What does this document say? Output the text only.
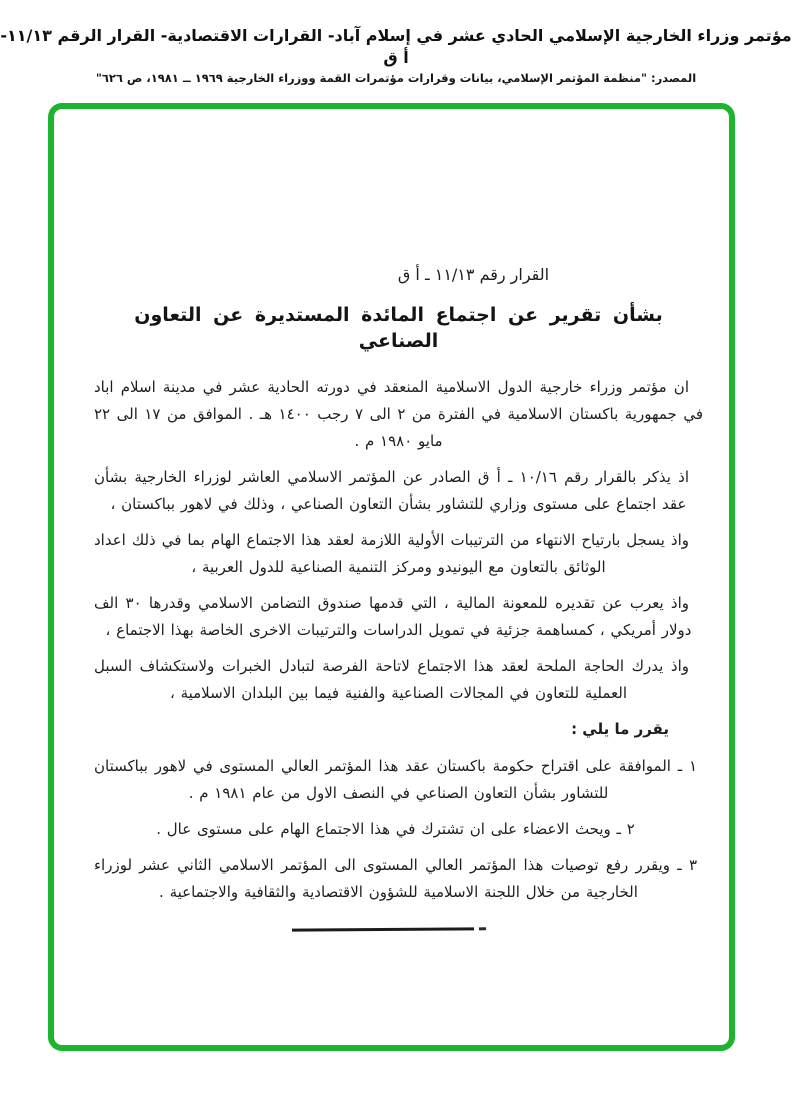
مؤتمر وزراء الخارجية الإسلامي الحادي عشر في إسلام آباد- القرارات الاقتصادية- القرار الرقم ١١/١٣- أ ق
المصدر: "منظمة المؤتمر الإسلامي، بيانات وقرارات مؤتمرات القمة ووزراء الخارجية ١٩٦٩ ــ ١٩٨١، ص ٦٢٦"
القرار رقم ١١/١٣ ـ أ ق
بشأن تقرير عن اجتماع المائدة المستديرة عن التعاون الصناعي

ان مؤتمر وزراء خارجية الدول الاسلامية المنعقد في دورته الحادية عشر في مدينة اسلام اباد في جمهورية باكستان الاسلامية في الفترة من ٢ الى ٧ رجب ١٤٠٠ هـ . الموافق من ١٧ الى ٢٢ مايو ١٩٨٠ م .

اذ يذكر بالقرار رقم ١٠/١٦ ـ أ ق الصادر عن المؤتمر الاسلامي العاشر لوزراء الخارجية بشأن عقد اجتماع على مستوى وزاري للتشاور بشأن التعاون الصناعي ، وذلك في لاهور بباكستان ،

واذ يسجل بارتياح الانتهاء من الترتيبات الأولية اللازمة لعقد هذا الاجتماع الهام بما في ذلك اعداد الوثائق بالتعاون مع اليونيدو ومركز التنمية الصناعية للدول العربية ،

واذ يعرب عن تقديره للمعونة المالية ، التي قدمها صندوق التضامن الاسلامي وقدرها ٣٠ الف دولار أمريكي ، كمساهمة جزئية في تمويل الدراسات والترتيبات الاخرى الخاصة بهذا الاجتماع ،

واذ يدرك الحاجة الملحة لعقد هذا الاجتماع لاتاحة الفرصة لتبادل الخبرات ولاستكشاف السبل العملية للتعاون في المجالات الصناعية والفنية فيما بين البلدان الاسلامية ،

يقرر ما يلي :

١ ـ الموافقة على اقتراح حكومة باكستان عقد هذا المؤتمر العالي المستوى في لاهور بباكستان للتشاور بشأن التعاون الصناعي في النصف الاول من عام ١٩٨١ م .

٢ ـ ويحث الاعضاء على ان تشترك في هذا الاجتماع الهام على مستوى عال .

٣ ـ ويقرر رفع توصيات هذا المؤتمر العالي المستوى الى المؤتمر الاسلامي الثاني عشر لوزراء الخارجية من خلال اللجنة الاسلامية للشؤون الاقتصادية والثقافية والاجتماعية .
